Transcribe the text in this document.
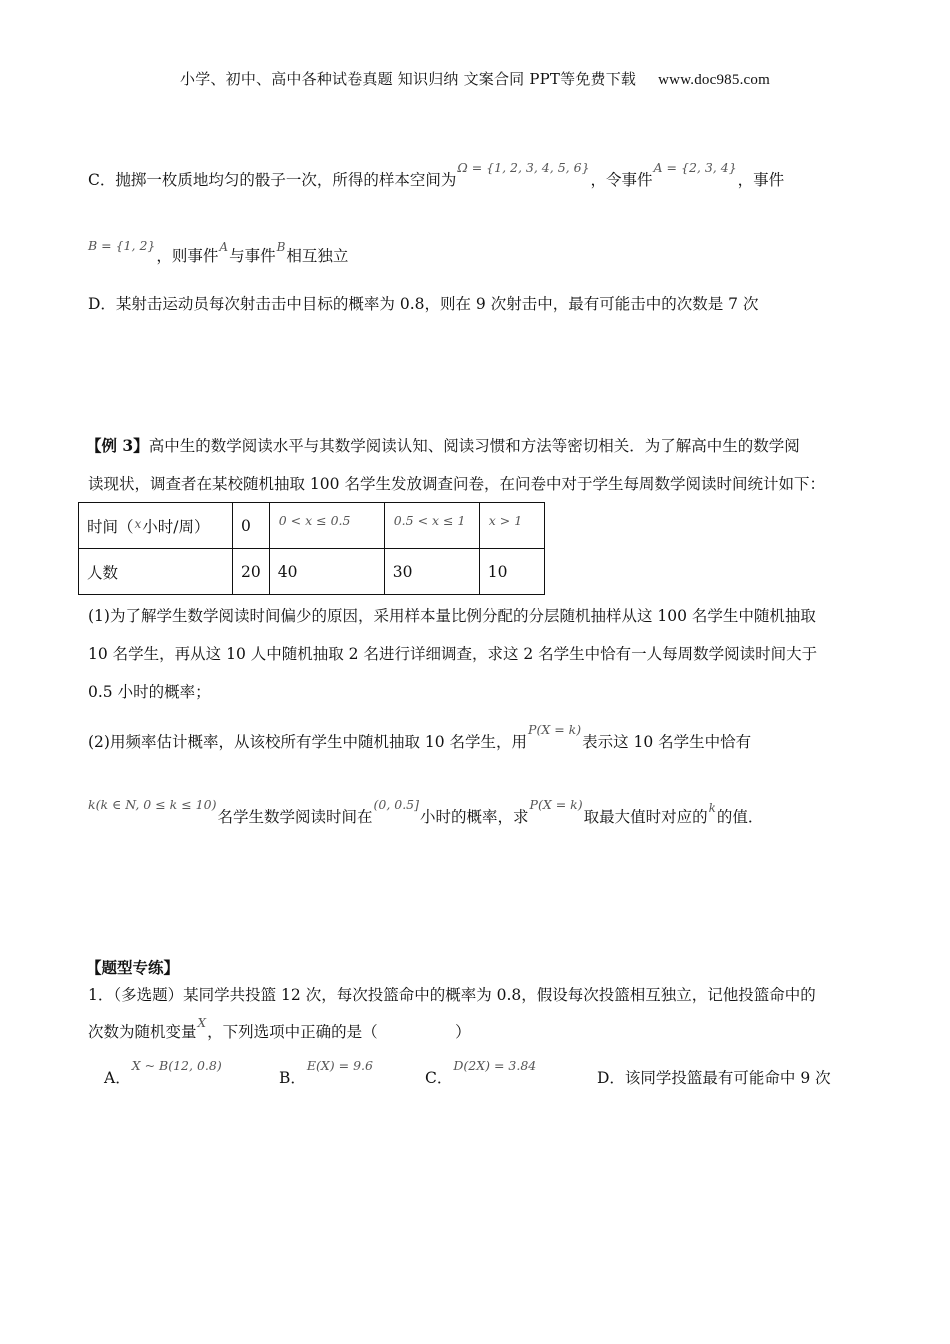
小学、初中、高中各种试卷真题 知识归纳 文案合同 PPT等免费下载 www.doc985.com
C．抛掷一枚质地均匀的骰子一次，所得的样本空间为$^{\Omega = \{1, 2, 3, 4, 5, 6\}}$，令事件$^{A = \{2, 3, 4\}}$，事件
$^{B = \{1, 2\}}$，则事件$^A$与事件$^B$相互独立
D．某射击运动员每次射击击中目标的概率为 0.8，则在 9 次射击中，最有可能击中的次数是 7 次
【例 3】高中生的数学阅读水平与其数学阅读认知、阅读习惯和方法等密切相关．为了解高中生的数学阅
读现状，调查者在某校随机抽取 100 名学生发放调查问卷，在问卷中对于学生每周数学阅读时间统计如下：
时间（$^x$小时/周）	0	$^{0 < x \le 0.5}$	$^{0.5 < x \le 1}$	$^{x > 1}$
人数	20	40	30	10
(1)为了解学生数学阅读时间偏少的原因，采用样本量比例分配的分层随机抽样从这 100 名学生中随机抽取
10 名学生，再从这 10 人中随机抽取 2 名进行详细调查，求这 2 名学生中恰有一人每周数学阅读时间大于
0.5 小时的概率；
(2)用频率估计概率，从该校所有学生中随机抽取 10 名学生，用$^{P(X = k)}$表示这 10 名学生中恰有
$^{k(k \in N, 0 \le k \le 10)}$名学生数学阅读时间在$^{(0, 0.5]}$小时的概率，求$^{P(X = k)}$取最大值时对应的$^k$的值．
【题型专练】
1．（多选题）某同学共投篮 12 次，每次投篮命中的概率为 0.8，假设每次投篮相互独立，记他投篮命中的
次数为随机变量$^X$，下列选项中正确的是（　　　　　）
A．$^{X \sim B(12, 0.8)}$
B．$^{E(X) = 9.6}$
C．$^{D(2X) = 3.84}$
D．该同学投篮最有可能命中 9 次
